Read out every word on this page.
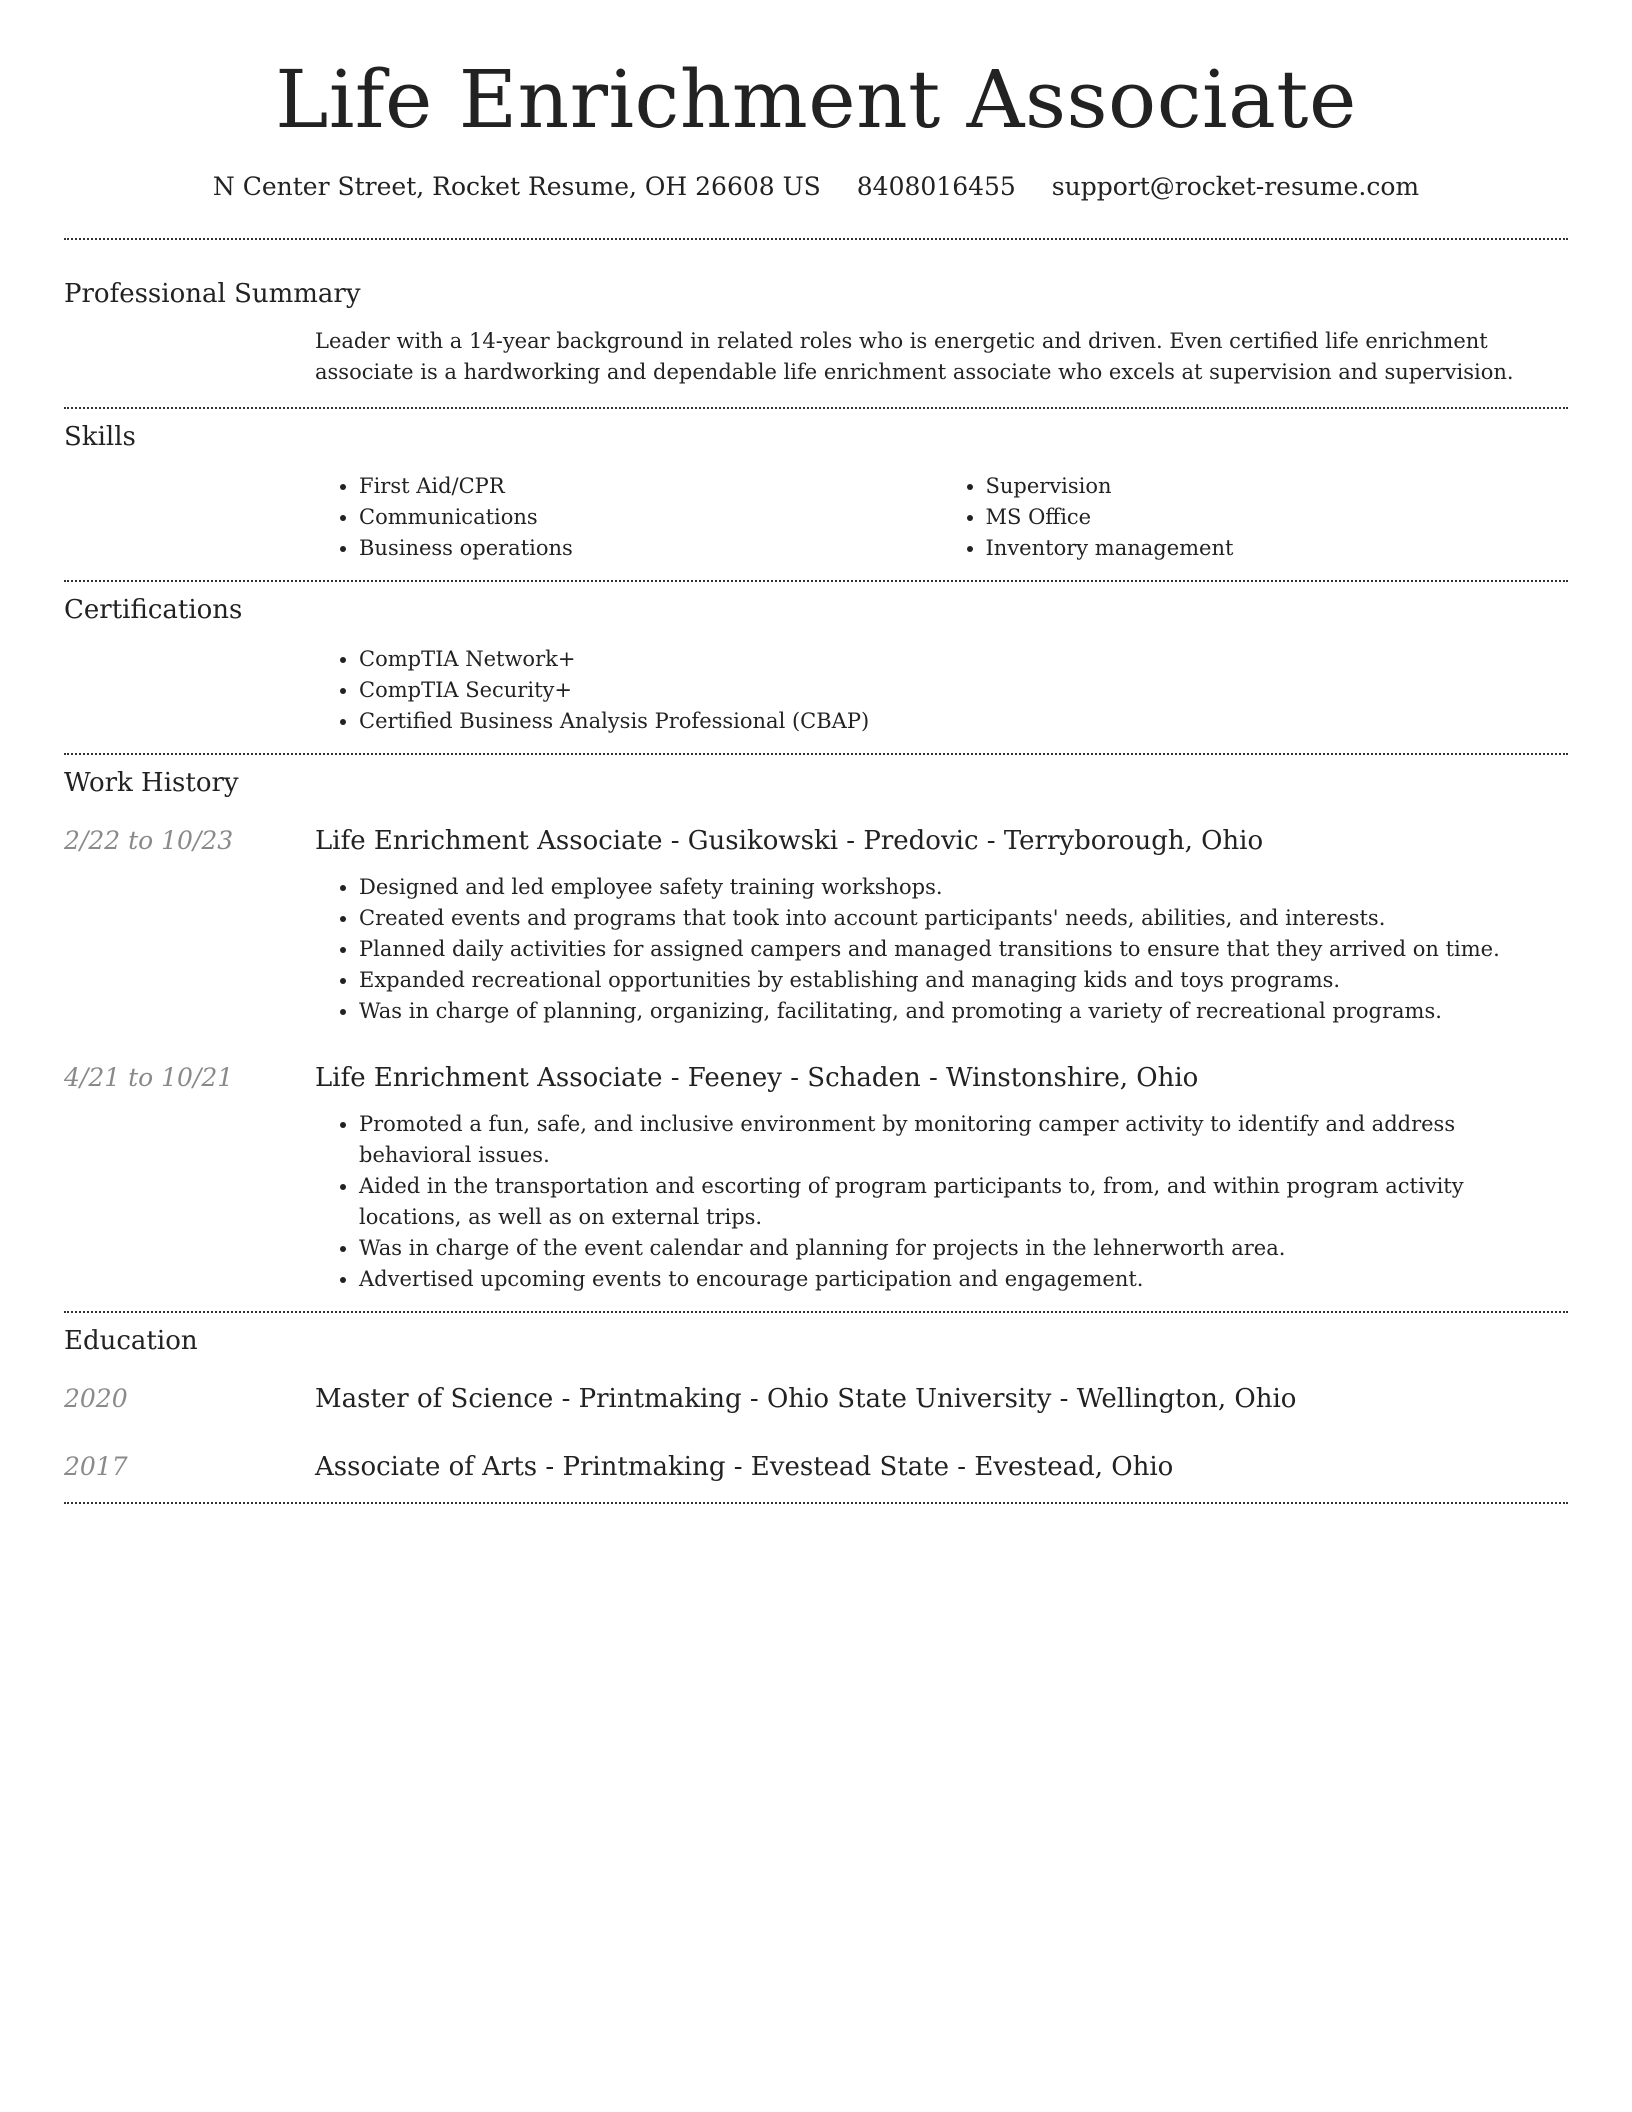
Life Enrichment Associate
N Center Street, Rocket Resume, OH 26608 US 8408016455 support@rocket-resume.com
Professional Summary

Leader with a 14-year background in related roles who is energetic and driven. Even certified life enrichment associate is a hardworking and dependable life enrichment associate who excels at supervision and supervision.

Skills
• First Aid/CPR
• Communications
• Business operations
• Supervision
• MS Office
• Inventory management
Certifications
• CompTIA Network+
• CompTIA Security+
• Certified Business Analysis Professional (CBAP)
Work History
2/22 to 10/23	Life Enrichment Associate - Gusikowski - Predovic - Terryborough, Ohio
• Designed and led employee safety training workshops.
• Created events and programs that took into account participants' needs, abilities, and interests.
• Planned daily activities for assigned campers and managed transitions to ensure that they arrived on time.
• Expanded recreational opportunities by establishing and managing kids and toys programs.
• Was in charge of planning, organizing, facilitating, and promoting a variety of recreational programs.
4/21 to 10/21	Life Enrichment Associate - Feeney - Schaden - Winstonshire, Ohio
• Promoted a fun, safe, and inclusive environment by monitoring camper activity to identify and address behavioral issues.
• Aided in the transportation and escorting of program participants to, from, and within program activity locations, as well as on external trips.
• Was in charge of the event calendar and planning for projects in the lehnerworth area.
• Advertised upcoming events to encourage participation and engagement.
Education
2020	Master of Science - Printmaking - Ohio State University - Wellington, Ohio
2017	Associate of Arts - Printmaking - Evestead State - Evestead, Ohio
